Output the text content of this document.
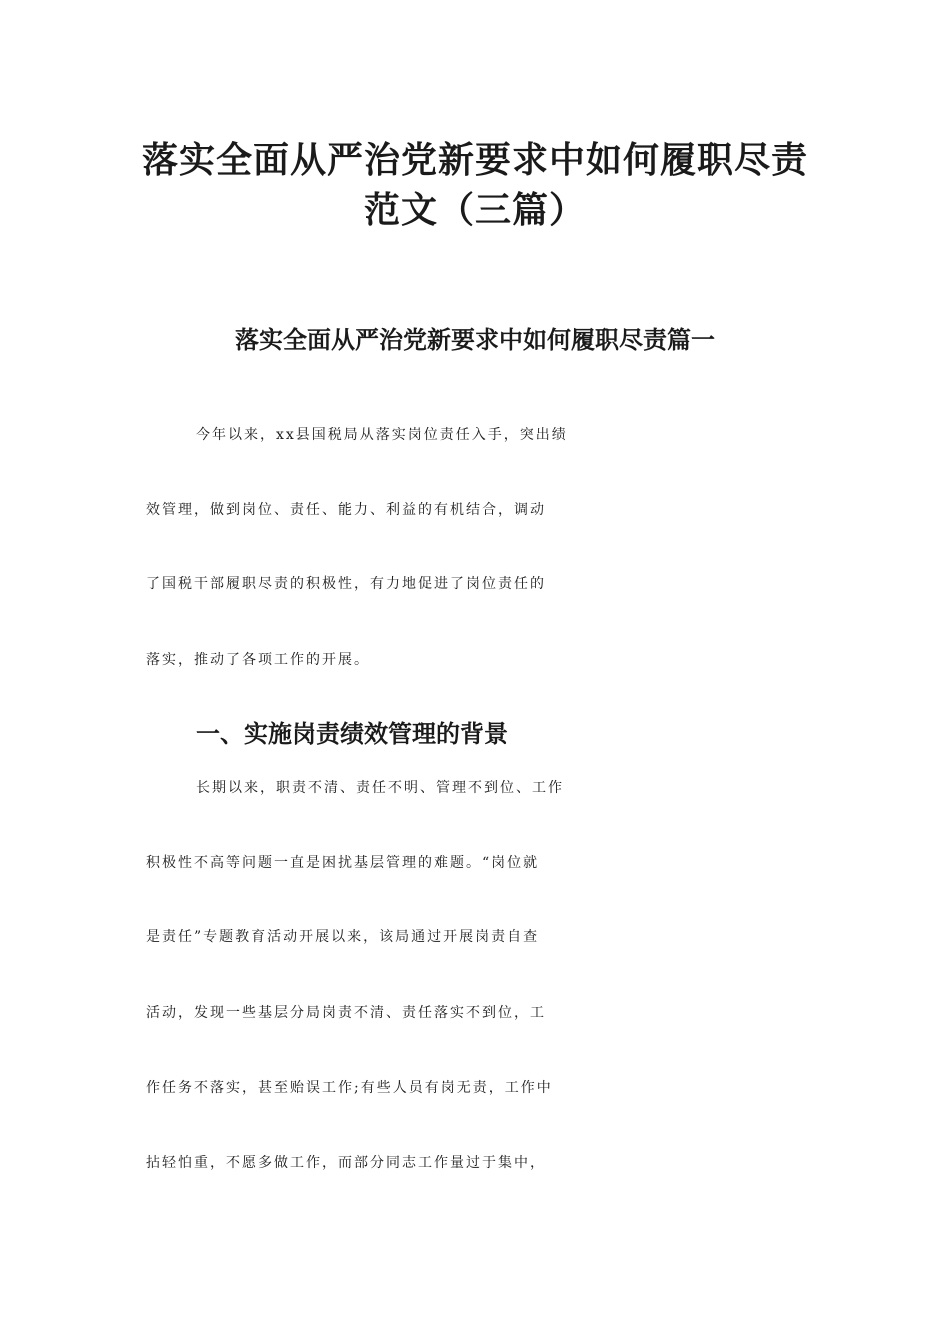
落实全面从严治党新要求中如何履职尽责
范文（三篇）
落实全面从严治党新要求中如何履职尽责篇一
今年以来，xx县国税局从落实岗位责任入手，突出绩
效管理，做到岗位、责任、能力、利益的有机结合，调动
了国税干部履职尽责的积极性，有力地促进了岗位责任的
落实，推动了各项工作的开展。
一、实施岗责绩效管理的背景
长期以来，职责不清、责任不明、管理不到位、工作
积极性不高等问题一直是困扰基层管理的难题。“岗位就
是责任”专题教育活动开展以来，该局通过开展岗责自查
活动，发现一些基层分局岗责不清、责任落实不到位，工
作任务不落实，甚至贻误工作;有些人员有岗无责，工作中
拈轻怕重，不愿多做工作，而部分同志工作量过于集中，
